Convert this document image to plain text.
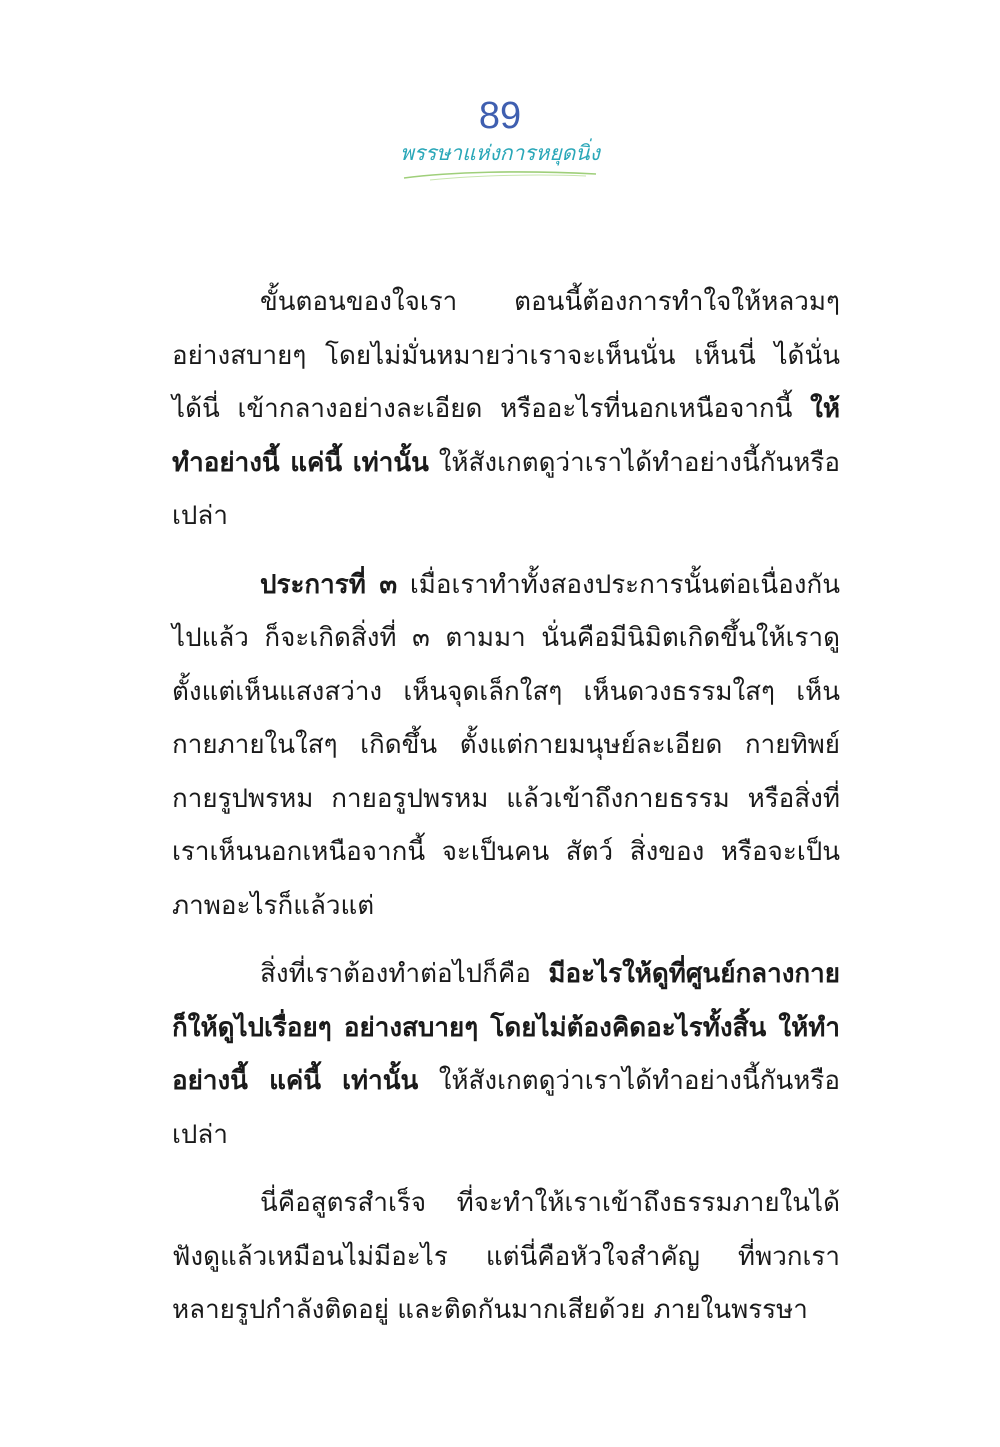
89
พรรษาแห่งการหยุดนิ่ง

ขั้นตอนของใจเรา ตอนนี้ต้องการทำใจให้หลวมๆ อย่างสบายๆ โดยไม่มั่นหมายว่าเราจะเห็นนั่น เห็นนี่ ได้นั่น ได้นี่ เข้ากลางอย่างละเอียด หรืออะไรที่นอกเหนือจากนี้ ให้ทำอย่างนี้ แค่นี้ เท่านั้น ให้สังเกตดูว่าเราได้ทำอย่างนี้กันหรือเปล่า

ประการที่ ๓ เมื่อเราทำทั้งสองประการนั้นต่อเนื่องกันไปแล้ว ก็จะเกิดสิ่งที่ ๓ ตามมา นั่นคือมีนิมิตเกิดขึ้นให้เราดู ตั้งแต่เห็นแสงสว่าง เห็นจุดเล็กใสๆ เห็นดวงธรรมใสๆ เห็นกายภายในใสๆ เกิดขึ้น ตั้งแต่กายมนุษย์ละเอียด กายทิพย์ กายรูปพรหม กายอรูปพรหม แล้วเข้าถึงกายธรรม หรือสิ่งที่เราเห็นนอกเหนือจากนี้ จะเป็นคน สัตว์ สิ่งของ หรือจะเป็นภาพอะไรก็แล้วแต่

สิ่งที่เราต้องทำต่อไปก็คือ มีอะไรให้ดูที่ศูนย์กลางกาย ก็ให้ดูไปเรื่อยๆ อย่างสบายๆ โดยไม่ต้องคิดอะไรทั้งสิ้น ให้ทำอย่างนี้ แค่นี้ เท่านั้น ให้สังเกตดูว่าเราได้ทำอย่างนี้กันหรือเปล่า

นี่คือสูตรสำเร็จ ที่จะทำให้เราเข้าถึงธรรมภายในได้ ฟังดูแล้วเหมือนไม่มีอะไร แต่นี่คือหัวใจสำคัญ ที่พวกเราหลายรูปกำลังติดอยู่ และติดกันมากเสียด้วย ภายในพรรษา
